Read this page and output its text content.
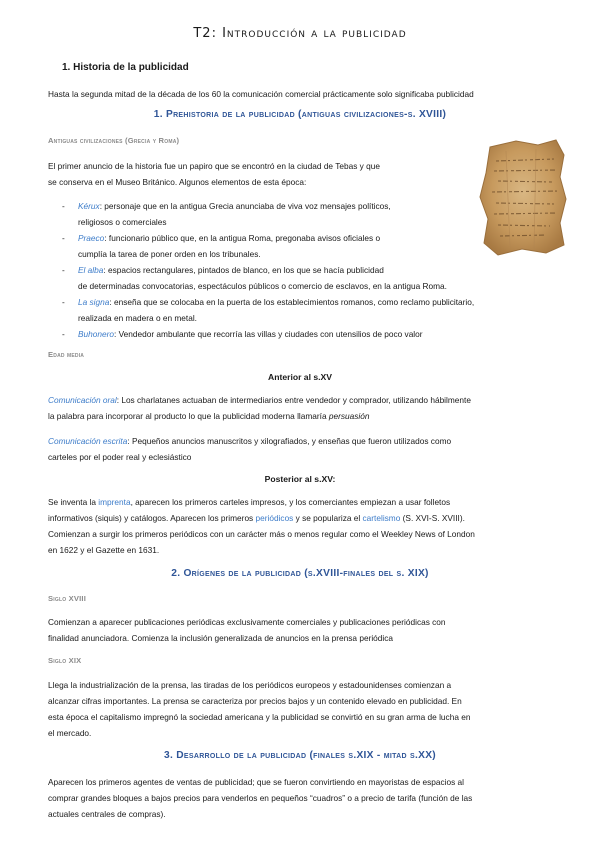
T2: Introducción a la publicidad
1. Historia de la publicidad
Hasta la segunda mitad de la década de los 60 la comunicación comercial prácticamente solo significaba publicidad
1. Prehistoria de la publicidad (antiguas civilizaciones-s. XVIII)
Antiguas civilizaciones (Grecia y Roma)
El primer anuncio de la historia fue un papiro que se encontró en la ciudad de Tebas y que
se conserva en el Museo Británico. Algunos elementos de esta época:
- Kérux: personaje que en la antigua Grecia anunciaba de viva voz mensajes políticos,
religiosos o comerciales
- Praeco: funcionario público que, en la antigua Roma, pregonaba avisos oficiales o
cumplía la tarea de poner orden en los tribunales.
- El alba: espacios rectangulares, pintados de blanco, en los que se hacía publicidad
de determinadas convocatorias, espectáculos públicos o comercio de esclavos, en la antigua Roma.
- La signa: enseña que se colocaba en la puerta de los establecimientos romanos, como reclamo publicitario,
realizada en madera o en metal.
- Buhonero: Vendedor ambulante que recorría las villas y ciudades con utensilios de poco valor
Edad media
Anterior al s.XV
Comunicación oral: Los charlatanes actuaban de intermediarios entre vendedor y comprador, utilizando hábilmente
la palabra para incorporar al producto lo que la publicidad moderna llamaría persuasión
Comunicación escrita: Pequeños anuncios manuscritos y xilografiados, y enseñas que fueron utilizados como
carteles por el poder real y eclesiástico
Posterior al s.XV:
Se inventa la imprenta, aparecen los primeros carteles impresos, y los comerciantes empiezan a usar folletos
informativos (siquis) y catálogos. Aparecen los primeros periódicos y se popularizа el cartelismo (S. XVI-S. XVIII).
Comienzan a surgir los primeros periódicos con un carácter más o menos regular como el Weekley News of London
en 1622 y el Gazette en 1631.
2. Orígenes de la publicidad (s.XVIII-finales del s. XIX)
Siglo XVIII
Comienzan a aparecer publicaciones periódicas exclusivamente comerciales y publicaciones periódicas con
finalidad anunciadora. Comienza la inclusión generalizada de anuncios en la prensa periódica
Siglo XIX
Llega la industrialización de la prensa, las tiradas de los periódicos europeos y estadounidenses comienzan a
alcanzar cifras importantes. La prensa se caracteriza por precios bajos y un contenido elevado en publicidad. En
esta época el capitalismo impregnó la sociedad americana y la publicidad se convirtió en su gran arma de lucha en
el mercado.
3. Desarrollo de la publicidad (finales s.XIX - mitad s.XX)
Aparecen los primeros agentes de ventas de publicidad; que se fueron convirtiendo en mayoristas de espacios al
comprar grandes bloques a bajos precios para venderlos en pequeños “cuadros” o a precio de tarifa (función de las
actuales centrales de compras).
